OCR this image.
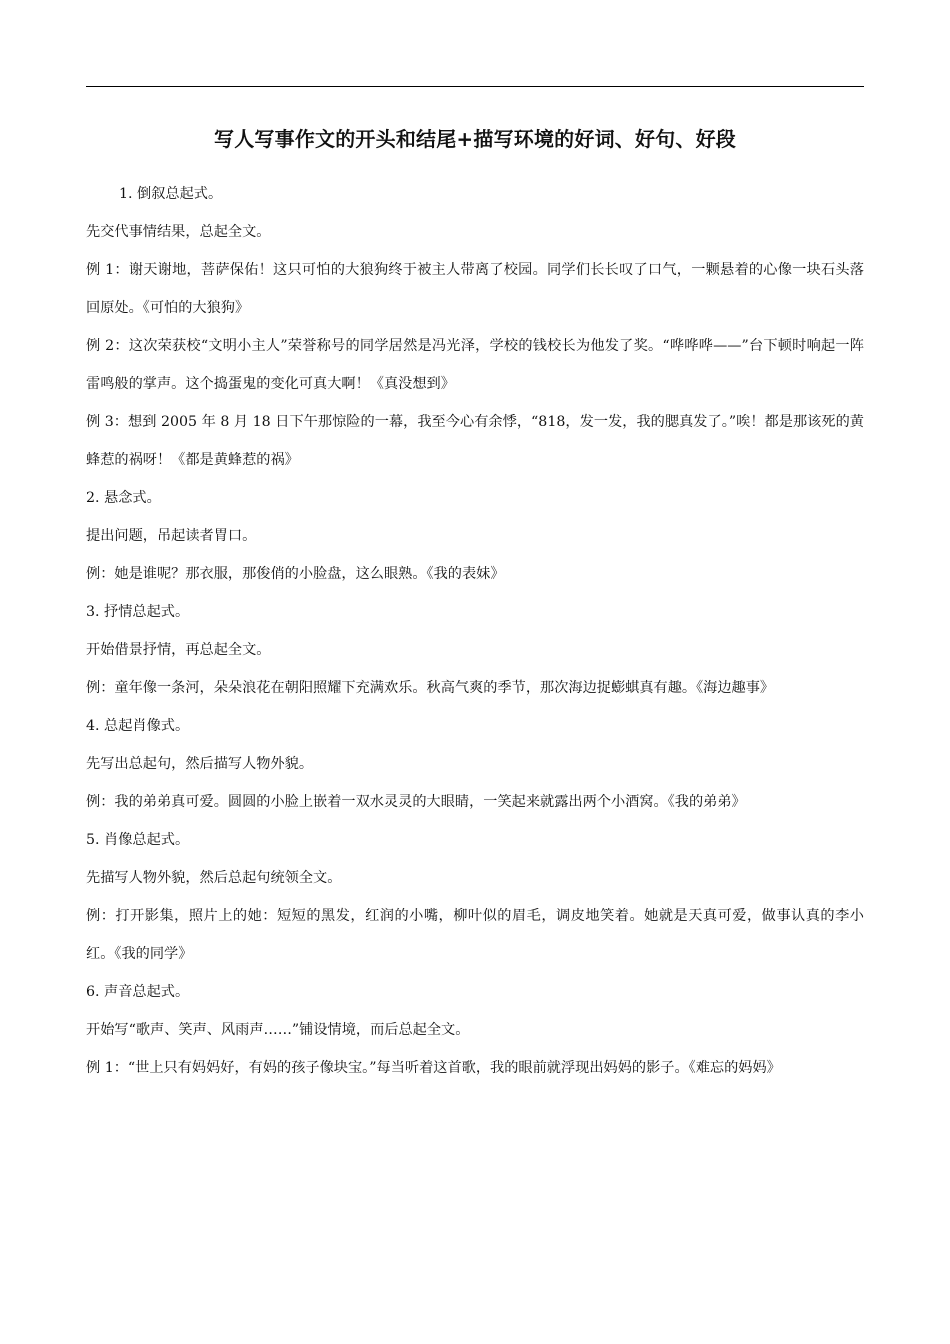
写人写事作文的开头和结尾+描写环境的好词、好句、好段

1. 倒叙总起式。

先交代事情结果，总起全文。

例 1：谢天谢地，菩萨保佑！这只可怕的大狼狗终于被主人带离了校园。同学们长长叹了口气，一颗悬着的心像一块石头落回原处。《可怕的大狼狗》

例 2：这次荣获校“文明小主人”荣誉称号的同学居然是冯光泽，学校的钱校长为他发了奖。“哗哗哗——”台下顿时响起一阵雷鸣般的掌声。这个捣蛋鬼的变化可真大啊！《真没想到》

例 3：想到 2005 年 8 月 18 日下午那惊险的一幕，我至今心有余悸，“818，发一发，我的腮真发了。”唉！都是那该死的黄蜂惹的祸呀！《都是黄蜂惹的祸》

2. 悬念式。

提出问题，吊起读者胃口。

例：她是谁呢？那衣服，那俊俏的小脸盘，这么眼熟。《我的表妹》

3. 抒情总起式。

开始借景抒情，再总起全文。

例：童年像一条河，朵朵浪花在朝阳照耀下充满欢乐。秋高气爽的季节，那次海边捉蟛蜞真有趣。《海边趣事》

4. 总起肖像式。

先写出总起句，然后描写人物外貌。

例：我的弟弟真可爱。圆圆的小脸上嵌着一双水灵灵的大眼睛，一笑起来就露出两个小酒窝。《我的弟弟》

5. 肖像总起式。

先描写人物外貌，然后总起句统领全文。

例：打开影集，照片上的她：短短的黑发，红润的小嘴，柳叶似的眉毛，调皮地笑着。她就是天真可爱，做事认真的李小红。《我的同学》

6. 声音总起式。

开始写“歌声、笑声、风雨声……”铺设情境，而后总起全文。

例 1：“世上只有妈妈好，有妈的孩子像块宝。”每当听着这首歌，我的眼前就浮现出妈妈的影子。《难忘的妈妈》
